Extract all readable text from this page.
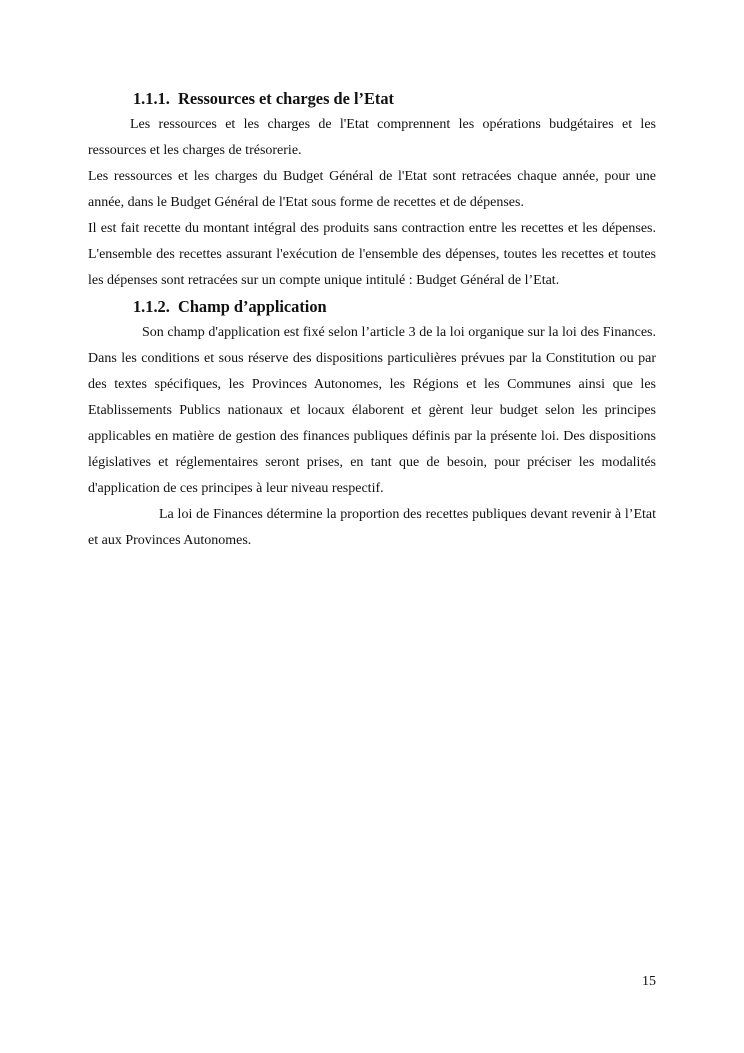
1.1.1. Ressources et charges de l’Etat

Les ressources et les charges de l'Etat comprennent les opérations budgétaires et les ressources et les charges de trésorerie.

Les ressources et les charges du Budget Général de l'Etat sont retracées chaque année, pour une année, dans le Budget Général de l'Etat sous forme de recettes et de dépenses.

Il est fait recette du montant intégral des produits sans contraction entre les recettes et les dépenses. L'ensemble des recettes assurant l'exécution de l'ensemble des dépenses, toutes les recettes et toutes les dépenses sont retracées sur un compte unique intitulé : Budget Général de l’Etat.

1.1.2. Champ d’application

Son champ d'application est fixé selon l’article 3 de la loi organique sur la loi des Finances. Dans les conditions et sous réserve des dispositions particulières prévues par la Constitution ou par des textes spécifiques, les Provinces Autonomes, les Régions et les Communes ainsi que les Etablissements Publics nationaux et locaux élaborent et gèrent leur budget selon les principes applicables en matière de gestion des finances publiques définis par la présente loi. Des dispositions législatives et réglementaires seront prises, en tant que de besoin, pour préciser les modalités d'application de ces principes à leur niveau respectif.

La loi de Finances détermine la proportion des recettes publiques devant revenir à l’Etat et aux Provinces Autonomes.

15
